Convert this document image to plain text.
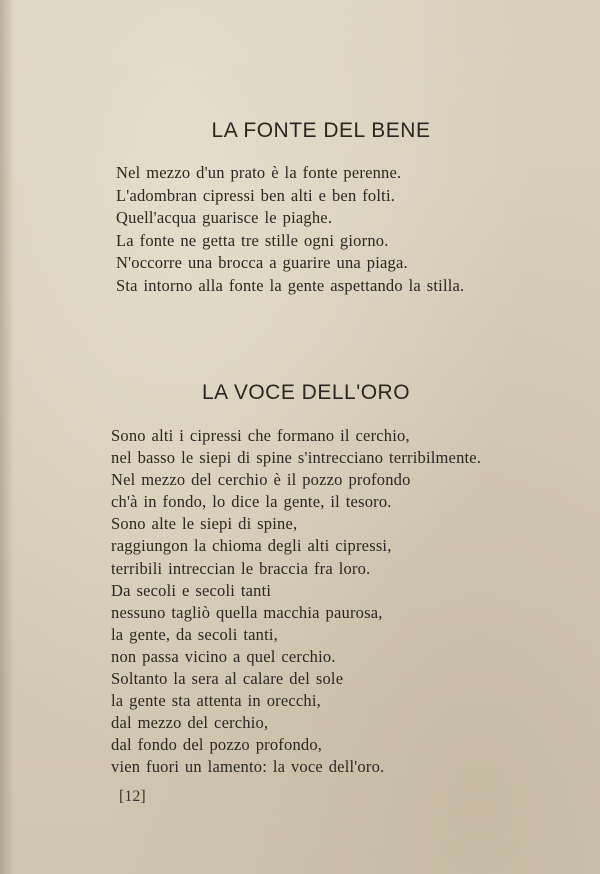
LA FONTE DEL BENE
Nel mezzo d'un prato è la fonte perenne.
L'adombran cipressi ben alti e ben folti.
Quell'acqua guarisce le piaghe.
La fonte ne getta tre stille ogni giorno.
N'occorre una brocca a guarire una piaga.
Sta intorno alla fonte la gente aspettando la stilla.
LA VOCE DELL'ORO
Sono alti i cipressi che formano il cerchio,
nel basso le siepi di spine s'intrecciano terribilmente.
Nel mezzo del cerchio è il pozzo profondo
ch'à in fondo, lo dice la gente, il tesoro.
Sono alte le siepi di spine,
raggiungon la chioma degli alti cipressi,
terribili intreccian le braccia fra loro.
Da secoli e secoli tanti
nessuno tagliò quella macchia paurosa,
la gente, da secoli tanti,
non passa vicino a quel cerchio.
Soltanto la sera al calare del sole
la gente sta attenta in orecchi,
dal mezzo del cerchio,
dal fondo del pozzo profondo,
vien fuori un lamento: la voce dell'oro.

[12]
